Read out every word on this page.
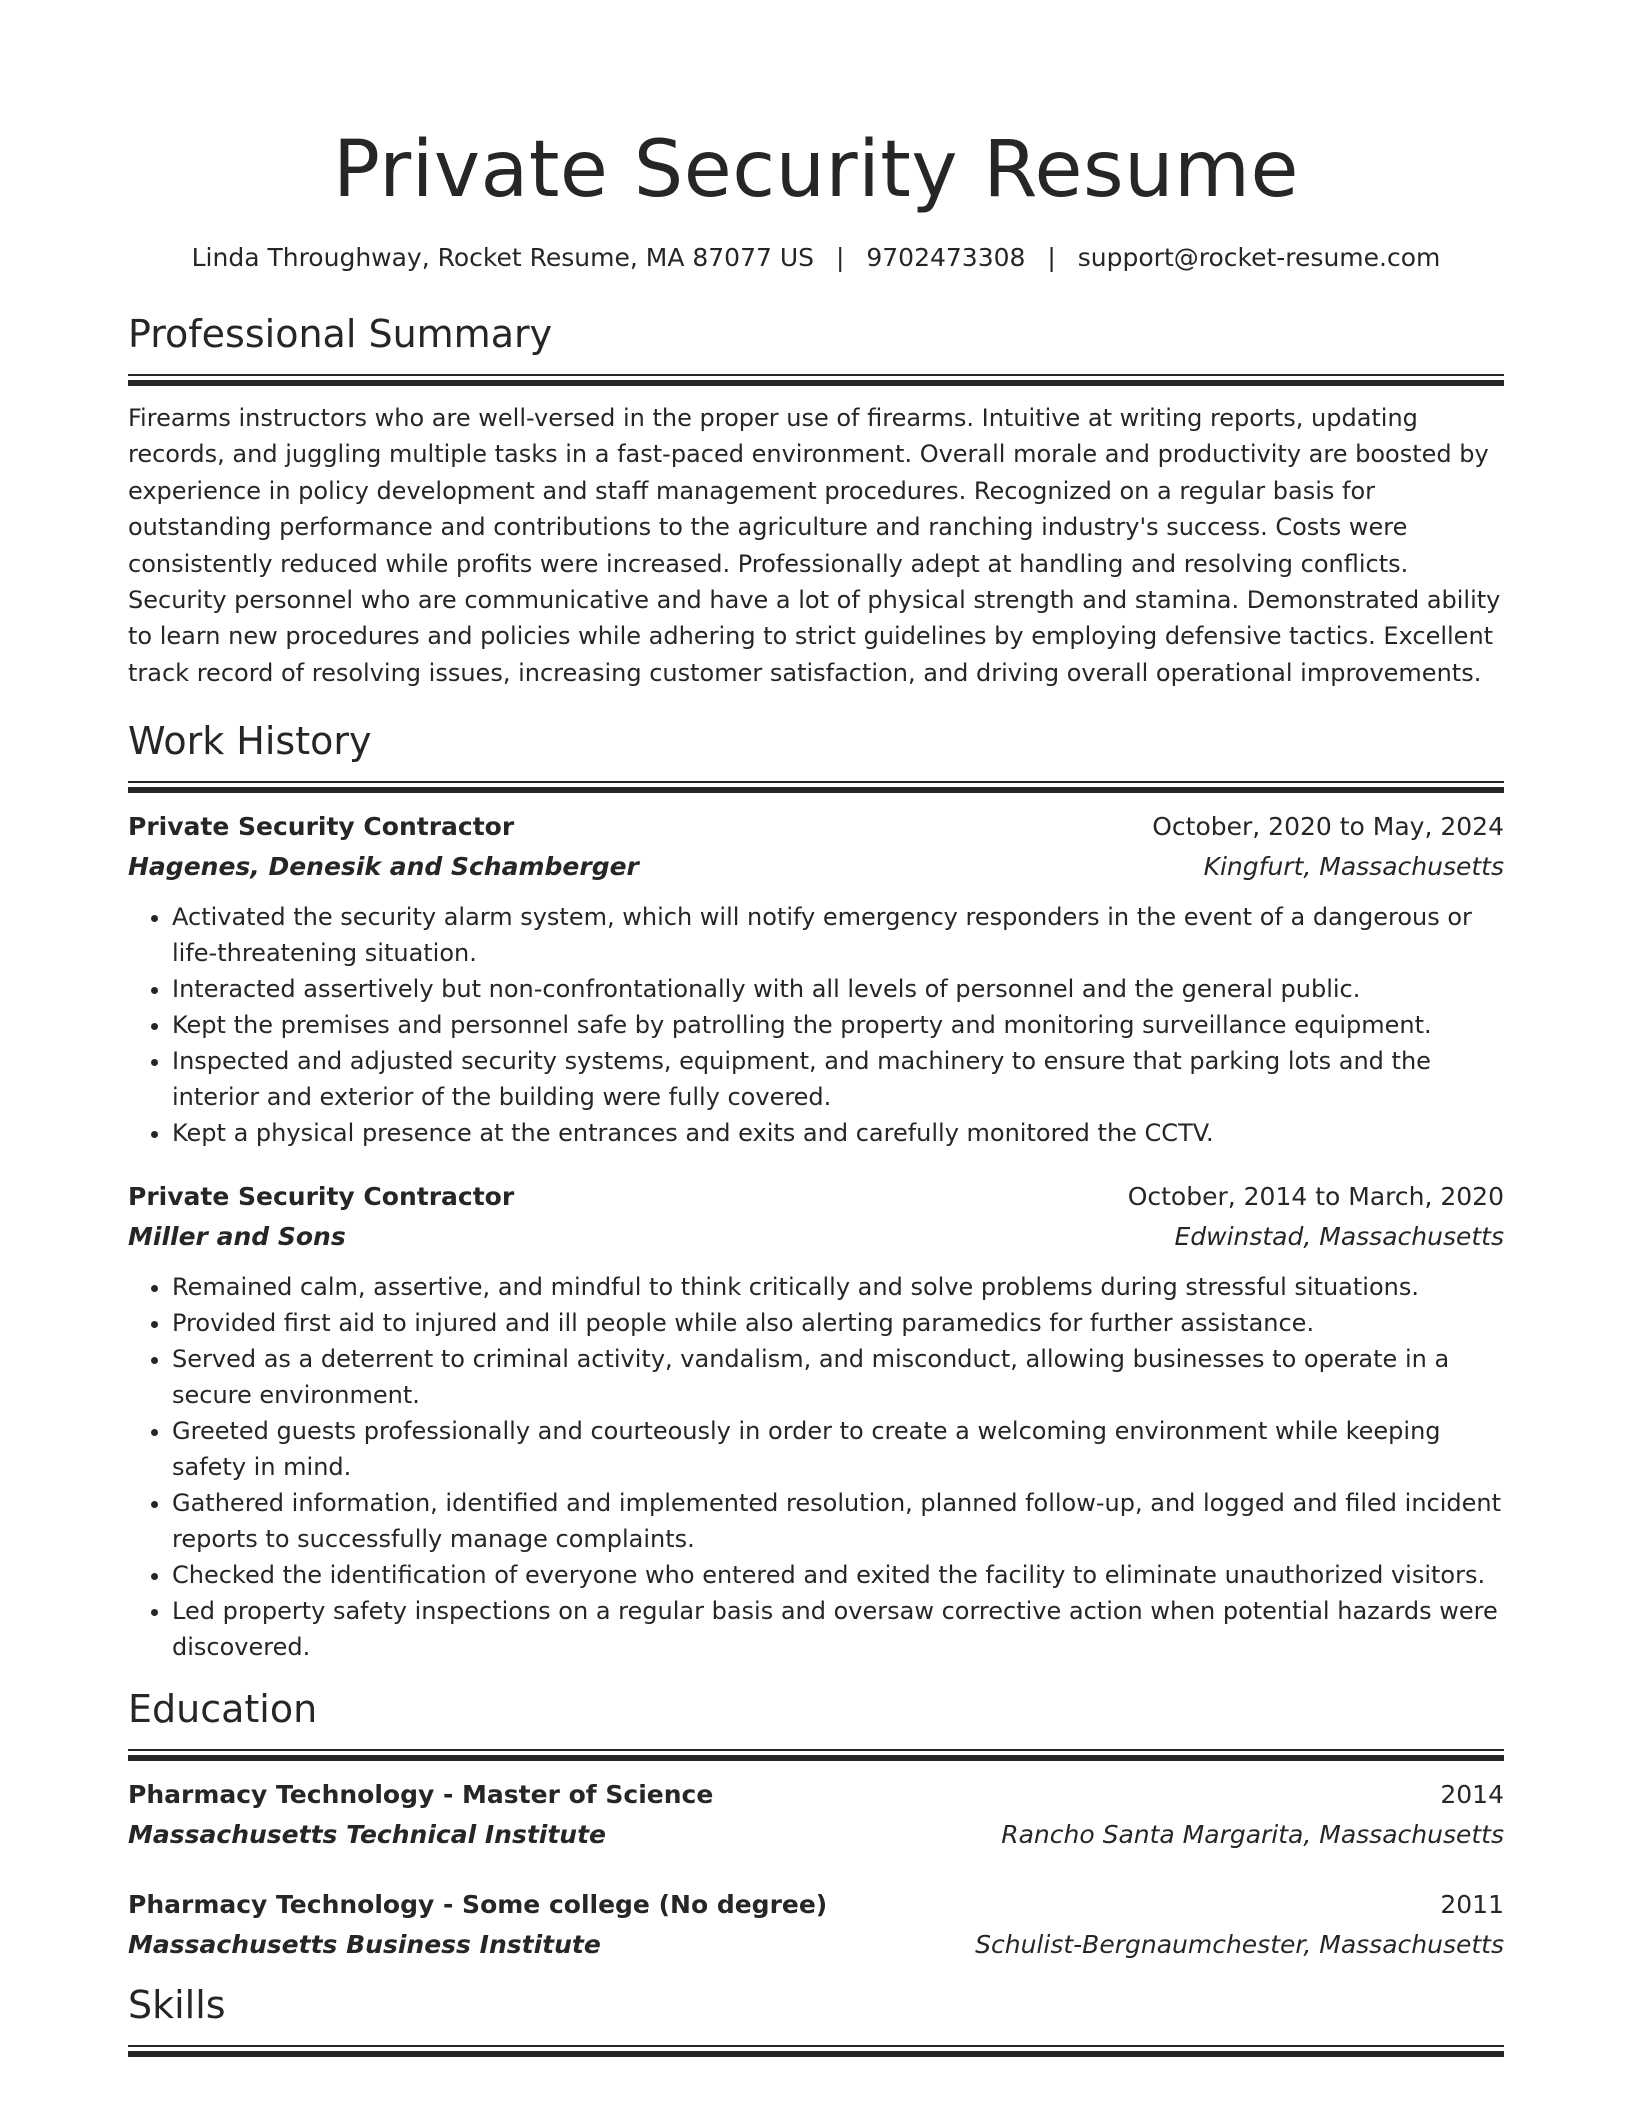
Private Security Resume
Linda Throughway, Rocket Resume, MA 87077 US | 9702473308 | support@rocket-resume.com
Professional Summary

Firearms instructors who are well-versed in the proper use of firearms. Intuitive at writing reports, updating records, and juggling multiple tasks in a fast-paced environment. Overall morale and productivity are boosted by experience in policy development and staff management procedures. Recognized on a regular basis for outstanding performance and contributions to the agriculture and ranching industry's success. Costs were consistently reduced while profits were increased. Professionally adept at handling and resolving conflicts. Security personnel who are communicative and have a lot of physical strength and stamina. Demonstrated ability to learn new procedures and policies while adhering to strict guidelines by employing defensive tactics. Excellent track record of resolving issues, increasing customer satisfaction, and driving overall operational improvements.

Work History
Private Security Contractor	October, 2020 to May, 2024
Hagenes, Denesik and Schamberger	Kingfurt, Massachusetts
• Activated the security alarm system, which will notify emergency responders in the event of a dangerous or life-threatening situation.
• Interacted assertively but non-confrontationally with all levels of personnel and the general public.
• Kept the premises and personnel safe by patrolling the property and monitoring surveillance equipment.
• Inspected and adjusted security systems, equipment, and machinery to ensure that parking lots and the interior and exterior of the building were fully covered.
• Kept a physical presence at the entrances and exits and carefully monitored the CCTV.
Private Security Contractor	October, 2014 to March, 2020
Miller and Sons	Edwinstad, Massachusetts
• Remained calm, assertive, and mindful to think critically and solve problems during stressful situations.
• Provided first aid to injured and ill people while also alerting paramedics for further assistance.
• Served as a deterrent to criminal activity, vandalism, and misconduct, allowing businesses to operate in a secure environment.
• Greeted guests professionally and courteously in order to create a welcoming environment while keeping safety in mind.
• Gathered information, identified and implemented resolution, planned follow-up, and logged and filed incident reports to successfully manage complaints.
• Checked the identification of everyone who entered and exited the facility to eliminate unauthorized visitors.
• Led property safety inspections on a regular basis and oversaw corrective action when potential hazards were discovered.
Education
Pharmacy Technology - Master of Science	2014
Massachusetts Technical Institute	Rancho Santa Margarita, Massachusetts
Pharmacy Technology - Some college (No degree)	2011
Massachusetts Business Institute	Schulist-Bergnaumchester, Massachusetts
Skills
